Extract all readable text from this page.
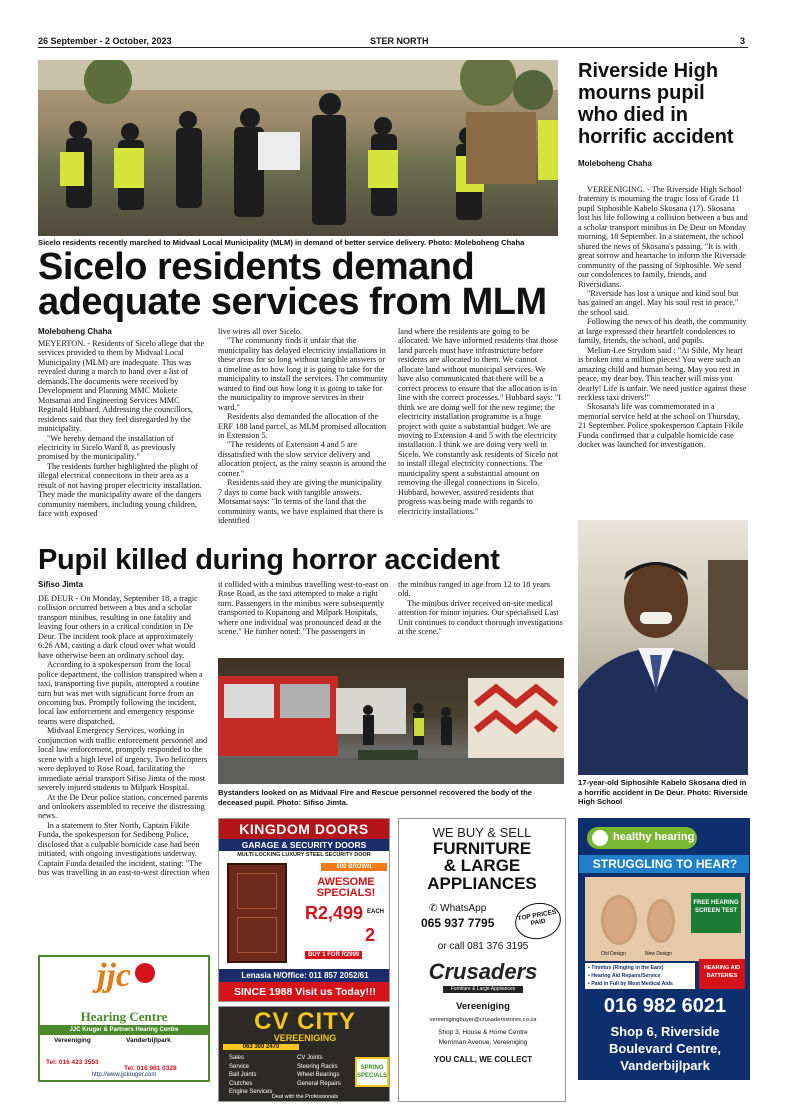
26 September - 2 October, 2023	STER NORTH	3
Sicelo residents recently marched to Midvaal Local Municipality (MLM) in demand of better service delivery. Photo: Moleboheng Chaha
Sicelo residents demand
adequate services from MLM
Moleboheng Chaha

MEYERTON. - Residents of Sicelo allege that the services provided to them by Midvaal Local Municipality (MLM) are inadequate. This was revealed during a march to hand over a list of demands.The documents were received by Development and Planning MMC Mokete Motsamai and Engineering Services MMC Reginald Hubbard. Addressing the councillors, residents said that they feel disregarded by the municipality.

"We hereby demand the installation of electricity in Sicelo Ward 8, as previously promised by the municipality."

The residents further highlighted the plight of illegal electrical connections in their area as a result of not having proper electricity installation. They made the municipality aware of the dangers community members, including young children, face with exposed

live wires all over Sicelo.

"The community finds it unfair that the municipality has delayed electricity installations in these areas for so long without tangible answers or a timeline as to how long it is going to take for the municipality to install the services. The community wanted to find out how long it is going to take for the municipality to improve services in their ward."

Residents also demanded the allocation of the ERF 188 land parcel, as MLM promised allocation in Extension 5.

"The residents of Extension 4 and 5 are dissatisfied with the slow service delivery and allocation project, as the rainy season is around the corner."

Residents said they are giving the municipality 7 days to come back with tangible answers. Motsamai says: "In terms of the land that the community wants, we have explained that there is identified

land where the residents are going to be allocated. We have informed residents that those land parcels must have infrastructure before residents are allocated to them. We cannot allocate land without municipal services. We have also communicated that there will be a correct process to ensure that the allocation is in line with the correct processes." Hubbard says: "I think we are doing well for the new regime; the electricity installation programme is a huge project with quite a substantial budget. We are moving to Extension 4 and 5 with the electricity installation. I think we are doing very well in Sicelo. We constantly ask residents of Sicelo not to install illegal electricity connections. The municipality spent a substantial amount on removing the illegal connections in Sicelo. Hubbard, however, assured residents that progress was being made with regards to electricity installations."

Riverside High
mourns pupil
who died in
horrific accident
Moleboheng Chaha

VEREENIGING. - The Riverside High School fraternity is mourning the tragic loss of Grade 11 pupil Siphosihle Kabelo Skosana (17). Skosana lost his life following a collision between a bus and a scholar transport minibus in De Deur on Monday morning, 18 September. In a statement, the school shared the news of Skosana's passing. "It is with great sorrow and heartache to inform the Riverside community of the passing of Siphosihle. We send our condolences to family, friends, and Riversidians.

"Riverside has lost a unique and kind soul but has gained an angel. May his soul rest in peace," the school said.

Following the news of his death, the community at large expressed their heartfelt condolences to family, friends, the school, and pupils.

Melian-Lee Strydom said : "Ai Sihle, My heart is broken into a million pieces! You were such an amazing child and human being. May you rest in peace, my dear boy. This teacher will miss you dearly! Life is unfair. We need justice against these reckless taxi drivers!"

Skosana's life was commemorated in a memorial service held at the school on Thursday, 21 September. Police spokesperson Captain Fikile Funda confirmed that a culpable homicide case docket was launched for investigation.

17-year-old Siphosihle Kabelo Skosana died in a horrific accident in De Deur. Photo: Riverside High School
Pupil killed during horror accident
Sifiso Jimta

DE DEUR - On Monday, September 18, a tragic collision occurred between a bus and a scholar transport minibus, resulting in one fatality and leaving four others in a critical condition in De Deur. The incident took place at approximately 6:26 AM, casting a dark cloud over what would have otherwise been an ordinary school day.

According to a spokesperson from the local police department, the collision transpired when a taxi, transporting five pupils, attempted a routine turn but was met with significant force from an oncoming bus. Promptly following the incident, local law enforcement and emergency response teams were dispatched.

Midvaal Emergency Services, working in conjunction with traffic enforcement personnel and local law enforcement, promptly responded to the scene with a high level of urgency. Two helicopters were deployed to Rose Road, facilitating the immediate aerial transport Sifiso Jimta of the most severely injured students to Milpark Hospital.

At the De Deur police station, concerned parents and onlookers assembled to receive the distressing news.

In a statement to Ster North, Captain Fikile Funda, the spokesperson for Sedibeng Police, disclosed that a culpable homicide case had been initiated, with ongoing investigations underway. Captain Funda detailed the incident, stating: "The bus was travelling in an east-to-west direction when

it collided with a minibus travelling west-to-east on Rose Road, as the taxi attempted to make a right turn. Passengers in the minibus were subsequently transported to Kopanong and Milpark Hospitals, where one individual was pronounced dead at the scene." He further noted: "The passengers in

the minibus ranged in age from 12 to 18 years old.

The minibus driver received on-site medical attention for minor injuries. Our specialised Last Unit continues to conduct thorough investigations at the scene."

Bystanders looked on as Midvaal Fire and Rescue personnel recovered the body of the deceased pupil. Photo: Sifiso Jimta.
KINGDOM DOORS
GARAGE & SECURITY DOORS
MULTI LOCKING LUXURY STEEL SECURITY DOOR
600 BROWN
AWESOME SPECIALS!
R2,499 EACH
2
BUY 1 FOR R2999
Lenasia H/Office: 011 857 2052/61
SINCE 1988 Visit us Today!!!
WE BUY & SELL
FURNITURE
& LARGE
APPLIANCES
✆ WhatsApp
065 937 7795
TOP PRICES PAID
or call 081 376 3195
Crusaders
Furniture & Large Appliances
Vereeniging
vereenigingbuyer@crusadersstores.co.za
Shop 3, House & Home Centre
Merriman Avenue, Vereeniging
YOU CALL, WE COLLECT
healthy hearing
STRUGGLING TO HEAR?
FREE HEARING SCREEN TEST
Old Design	New Design
• Tinnitus (Ringing in the Ears)
• Hearing Aid Repairs/Service
• Paid in Full by Most Medical Aids
HEARING AID BATTERIES
016 982 6021
Shop 6, Riverside
Boulevard Centre,
Vanderbijlpark
jjc
Hearing Centre
JJC Kruger & Partners Hearing Centre
Vereeniging	Vanderbijlpark
Tel: 016 423 3553
Tel: 016 981 0328
http://www.jjckruger.com
CV CITY
VEREENIGING
063 300 2470
Sales
Service
Ball Joints
Clutches
Engine Services
CV Joints
Steering Racks
Wheel Bearings
General Repairs
SPRING SPECIALS
Deal with the Professionals
